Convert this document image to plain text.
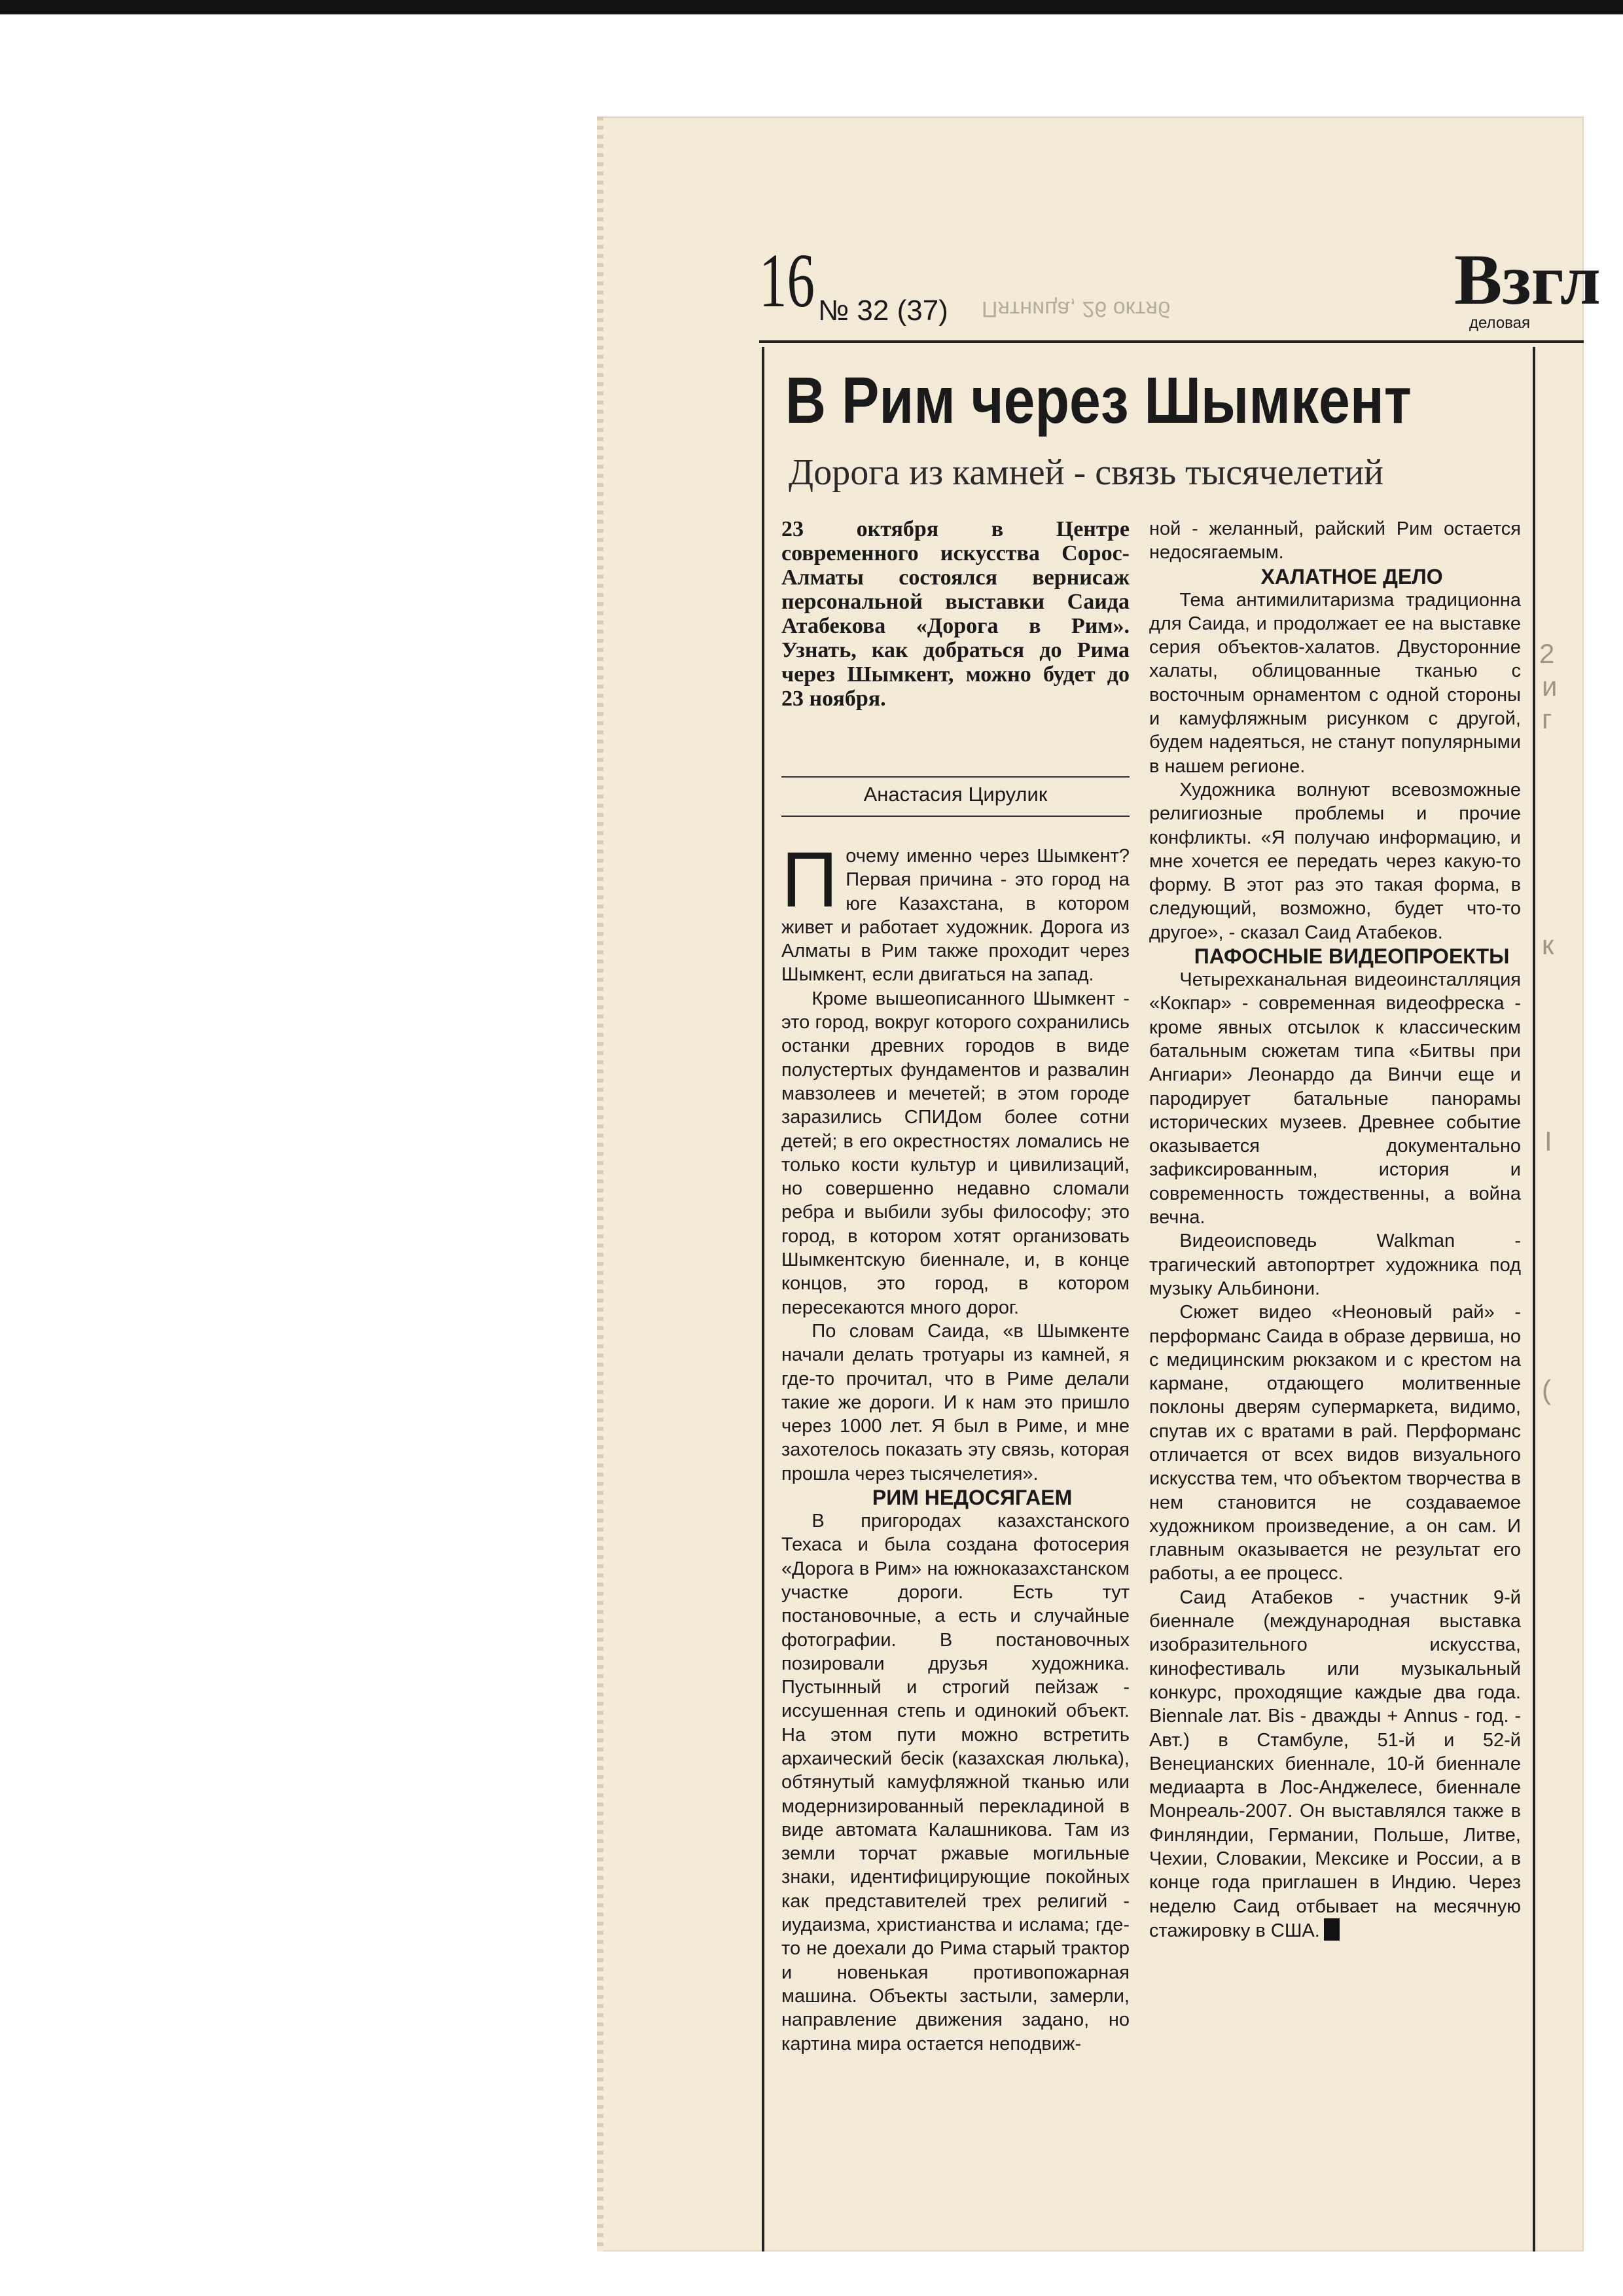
16 № 32 (37) Пятница, 26 октяб	Взгл
деловая
В Рим через Шымкент
Дорога из камней - связь тысячелетий
23 октября в Центре современного искусства Сорос-Алматы состоялся вернисаж персональной выставки Саида Атабекова «Дорога в Рим». Узнать, как добраться до Рима через Шымкент, можно будет до 23 ноября.
Анастасия Цирулик

Почему именно через Шымкент? Первая причина - это город на юге Казахстана, в котором живет и работает художник. Дорога из Алматы в Рим также проходит через Шымкент, если двигаться на запад.

Кроме вышеописанного Шымкент - это город, вокруг которого сохранились останки древних городов в виде полустертых фундаментов и развалин мавзолеев и мечетей; в этом городе заразились СПИДом более сотни детей; в его окрестностях ломались не только кости культур и цивилизаций, но совершенно недавно сломали ребра и выбили зубы философу; это город, в котором хотят организовать Шымкентскую биеннале, и, в конце концов, это город, в котором пересекаются много дорог.

По словам Саида, «в Шымкенте начали делать тротуары из камней, я где-то прочитал, что в Риме делали такие же дороги. И к нам это пришло через 1000 лет. Я был в Риме, и мне захотелось показать эту связь, которая прошла через тысячелетия».

РИМ НЕДОСЯГАЕМ

В пригородах казахстанского Техаса и была создана фотосерия «Дорога в Рим» на южноказахстанском участке дороги. Есть тут постановочные, а есть и случайные фотографии. В постановочных позировали друзья художника. Пустынный и строгий пейзаж - иссушенная степь и одинокий объект. На этом пути можно встретить архаический бесік (казахская люлька), обтянутый камуфляжной тканью или модернизированный перекладиной в виде автомата Калашникова. Там из земли торчат ржавые могильные знаки, идентифицирующие покойных как представителей трех религий - иудаизма, христианства и ислама; где-то не доехали до Рима старый трактор и новенькая противопожарная машина. Объекты застыли, замерли, направление движения задано, но картина мира остается неподвиж-

ной - желанный, райский Рим остается недосягаемым.

ХАЛАТНОЕ ДЕЛО

Тема антимилитаризма традиционна для Саида, и продолжает ее на выставке серия объектов-халатов. Двусторонние халаты, облицованные тканью с восточным орнаментом с одной стороны и камуфляжным рисунком с другой, будем надеяться, не станут популярными в нашем регионе.

Художника волнуют всевозможные религиозные проблемы и прочие конфликты. «Я получаю информацию, и мне хочется ее передать через какую-то форму. В этот раз это такая форма, в следующий, возможно, будет что-то другое», - сказал Саид Атабеков.

ПАФОСНЫЕ ВИДЕОПРОЕКТЫ

Четырехканальная видеоинсталляция «Кокпар» - современная видеофреска - кроме явных отсылок к классическим батальным сюжетам типа «Битвы при Ангиари» Леонардо да Винчи еще и пародирует батальные панорамы исторических музеев. Древнее событие оказывается документально зафиксированным, история и современность тождественны, а война вечна.

Видеоисповедь Walkman - трагический автопортрет художника под музыку Альбинони.

Сюжет видео «Неоновый рай» - перформанс Саида в образе дервиша, но с медицинским рюкзаком и с крестом на кармане, отдающего молитвенные поклоны дверям супермаркета, видимо, спутав их с вратами в рай. Перформанс отличается от всех видов визуального искусства тем, что объектом творчества в нем становится не создаваемое художником произведение, а он сам. И главным оказывается не результат его работы, а ее процесс.

Саид Атабеков - участник 9-й биеннале (международная выставка изобразительного искусства, кинофестиваль или музыкальный конкурс, проходящие каждые два года. Biennale лат. Bis - дважды + Annus - год. - Авт.) в Стамбуле, 51-й и 52-й Венецианских биеннале, 10-й биеннале медиаарта в Лос-Анджелесе, биеннале Монреаль-2007. Он выставлялся также в Финляндии, Германии, Польше, Литве, Чехии, Словакии, Мексике и России, а в конце года приглашен в Индию. Через неделю Саид отбывает на месячную стажировку в США.

2
и
г
к
I
(
